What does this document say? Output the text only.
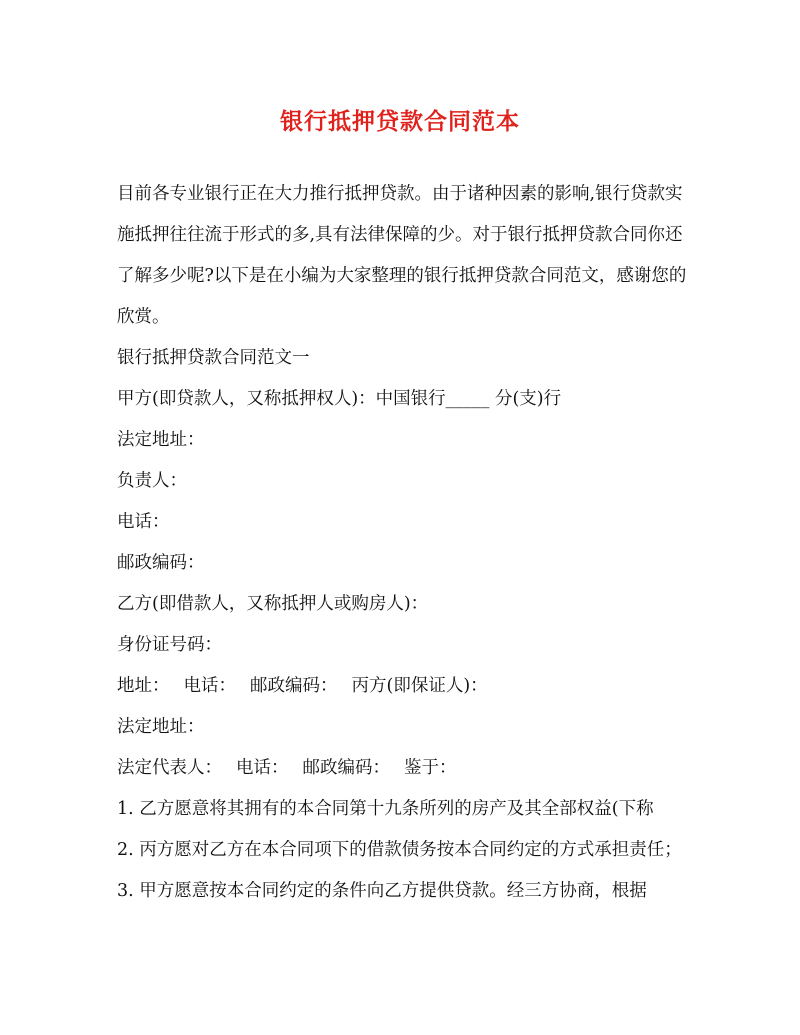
银行抵押贷款合同范本

目前各专业银行正在大力推行抵押贷款。由于诸种因素的影响,银行贷款实施抵押往往流于形式的多,具有法律保障的少。对于银行抵押贷款合同你还了解多少呢?以下是在小编为大家整理的银行抵押贷款合同范文，感谢您的欣赏。

银行抵押贷款合同范文一

甲方(即贷款人，又称抵押权人)：中国银行_____ 分(支)行

法定地址：

负责人：

电话：

邮政编码：

乙方(即借款人，又称抵押人或购房人)：

身份证号码：

地址： 电话： 邮政编码： 丙方(即保证人)：

法定地址：

法定代表人： 电话： 邮政编码： 鉴于：

1. 乙方愿意将其拥有的本合同第十九条所列的房产及其全部权益(下称

2. 丙方愿对乙方在本合同项下的借款债务按本合同约定的方式承担责任；

3. 甲方愿意按本合同约定的条件向乙方提供贷款。经三方协商，根据
